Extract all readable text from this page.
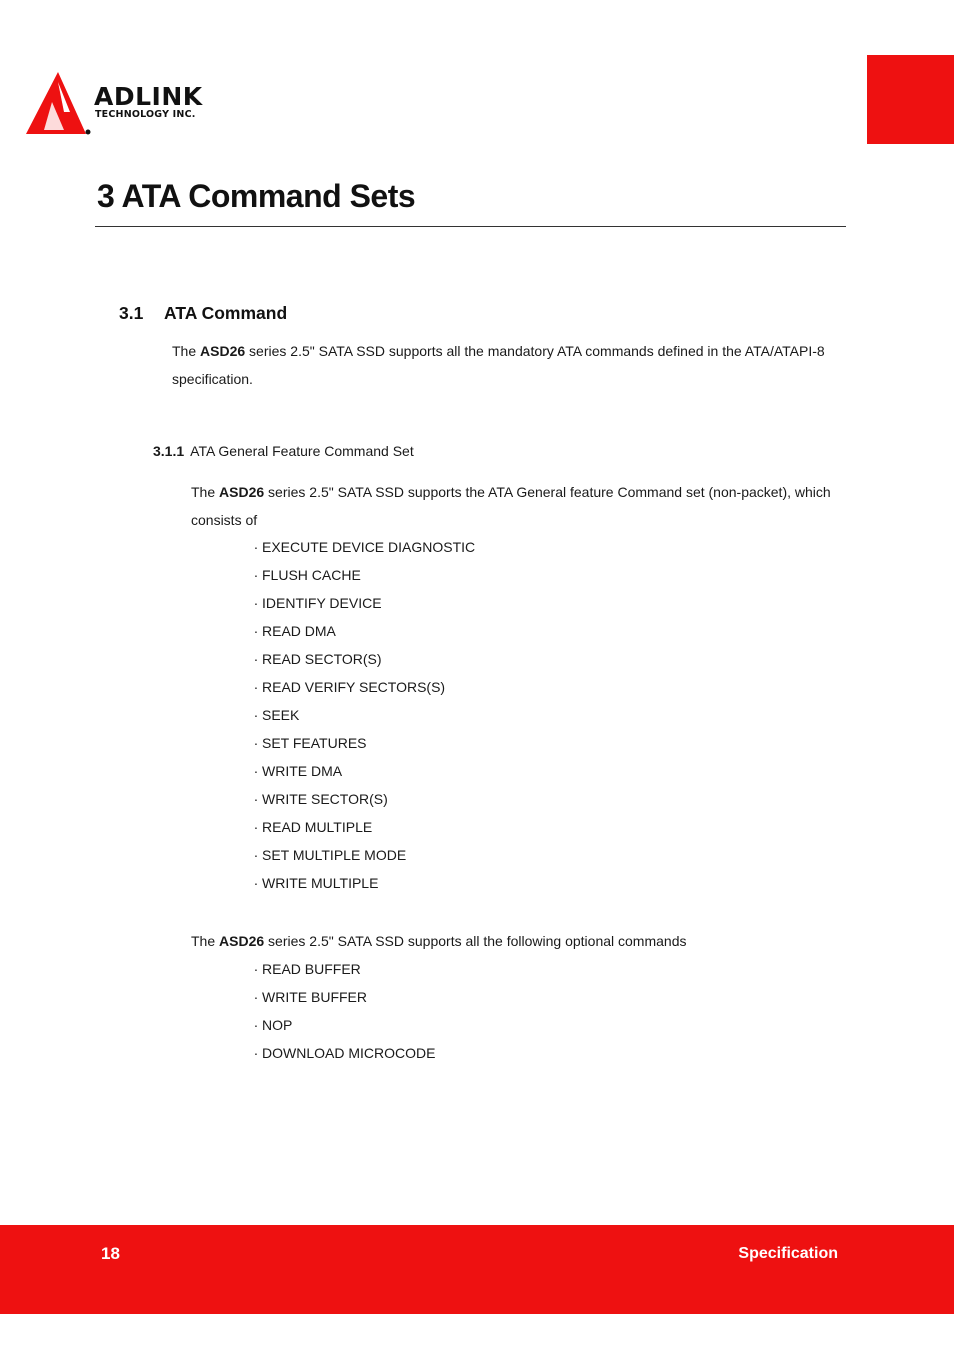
ADLINK
TECHNOLOGY INC.
3 ATA Command Sets
3.1 ATA Command
The ASD26 series 2.5" SATA SSD supports all the mandatory ATA commands defined in the ATA/ATAPI-8 specification.
3.1.1 ATA General Feature Command Set
The ASD26 series 2.5" SATA SSD supports the ATA General feature Command set (non-packet), which consists of
· EXECUTE DEVICE DIAGNOSTIC
· FLUSH CACHE
· IDENTIFY DEVICE
· READ DMA
· READ SECTOR(S)
· READ VERIFY SECTORS(S)
· SEEK
· SET FEATURES
· WRITE DMA
· WRITE SECTOR(S)
· READ MULTIPLE
· SET MULTIPLE MODE
· WRITE MULTIPLE
The ASD26 series 2.5" SATA SSD supports all the following optional commands
· READ BUFFER
· WRITE BUFFER
· NOP
· DOWNLOAD MICROCODE
18	Specification
